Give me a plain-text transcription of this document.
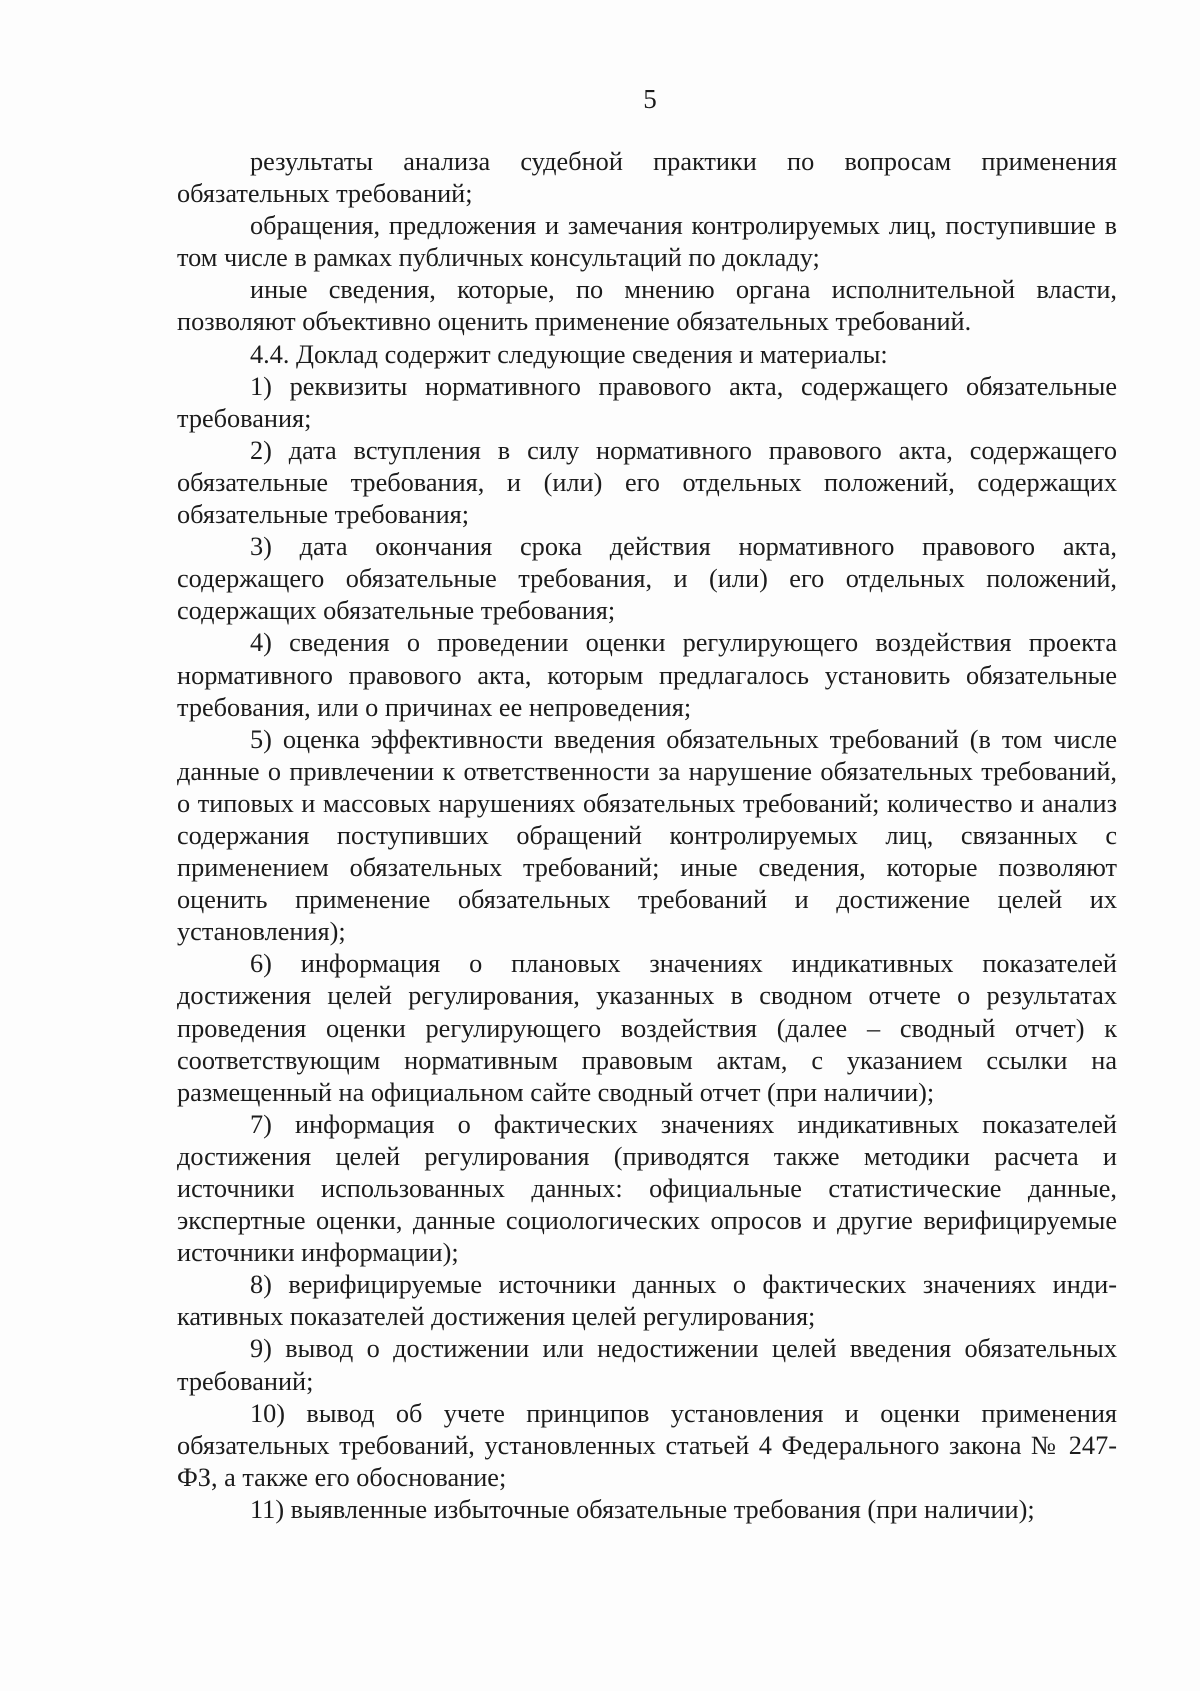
5

результаты анализа судебной практики по вопросам применения обязательных требований;

обращения, предложения и замечания контролируемых лиц, поступившие в том числе в рамках публичных консультаций по докладу;

иные сведения, которые, по мнению органа исполнительной власти, позволяют объективно оценить применение обязательных требований.

4.4. Доклад содержит следующие сведения и материалы:

1) реквизиты нормативного правового акта, содержащего обязательные требования;

2) дата вступления в силу нормативного правового акта, содержащего обязательные требования, и (или) его отдельных положений, содержащих обязательные требования;

3) дата окончания срока действия нормативного правового акта, содержащего обязательные требования, и (или) его отдельных положений, содержащих обязательные требования;

4) сведения о проведении оценки регулирующего воздействия проекта нормативного правового акта, которым предлагалось установить обязательные требования, или о причинах ее непроведения;

5) оценка эффективности введения обязательных требований (в том числе данные о привлечении к ответственности за нарушение обязательных требований, о типовых и массовых нарушениях обязательных требований; количество и анализ содержания поступивших обращений контролируемых лиц, связанных с применением обязательных требований; иные сведения, которые позволяют оценить применение обязательных требований и достижение целей их установления);

6) информация о плановых значениях индикативных показателей достижения целей регулирования, указанных в сводном отчете о результатах проведения оценки регулирующего воздействия (далее – сводный отчет) к соответствующим нормативным правовым актам, с указанием ссылки на размещенный на официальном сайте сводный отчет (при наличии);

7) информация о фактических значениях индикативных показателей достижения целей регулирования (приводятся также методики расчета и источники использованных данных: официальные статистические данные, экспертные оценки, данные социологических опросов и другие верифицируемые источники информации);

8) верифицируемые источники данных о фактических значениях индикативных показателей достижения целей регулирования;

9) вывод о достижении или недостижении целей введения обязательных требований;

10) вывод об учете принципов установления и оценки применения обязательных требований, установленных статьей 4 Федерального закона № 247-ФЗ, а также его обоснование;

11) выявленные избыточные обязательные требования (при наличии);
